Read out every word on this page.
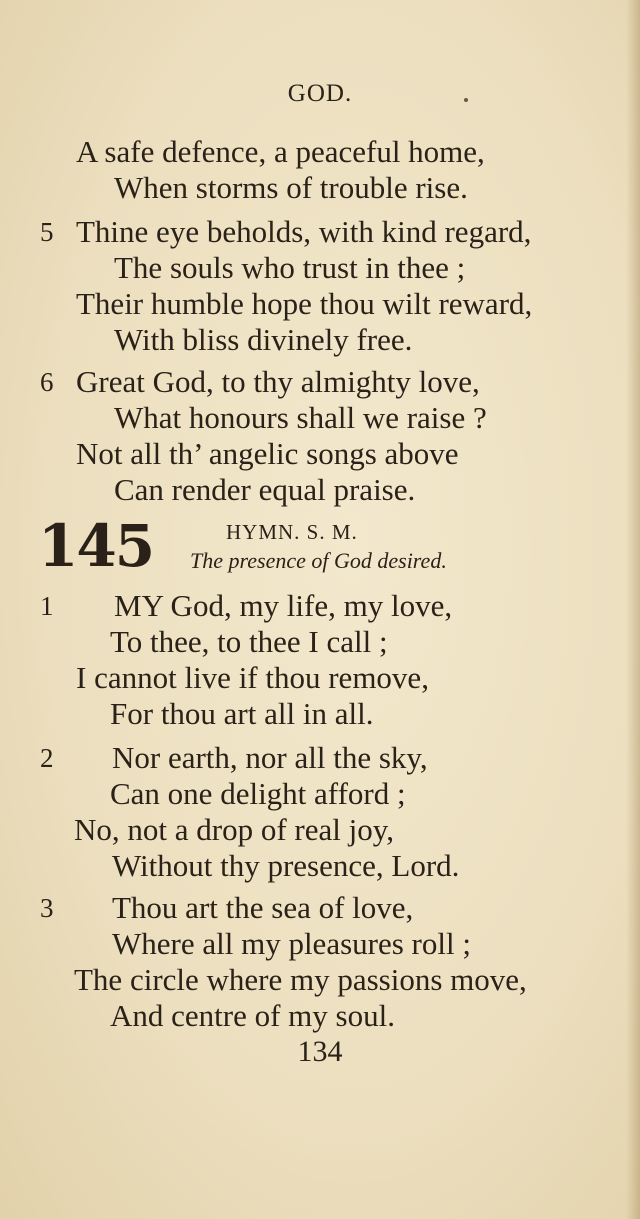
GOD.
A safe defence, a peaceful home,
When storms of trouble rise.
5 Thine eye beholds, with kind regard,
The souls who trust in thee ;
Their humble hope thou wilt reward,
With bliss divinely free.
6 Great God, to thy almighty love,
What honours shall we raise ?
Not all th’ angelic songs above
Can render equal praise.
145	HYMN. S. M.
The presence of God desired.
1 MY God, my life, my love,
To thee, to thee I call ;
I cannot live if thou remove,
For thou art all in all.
2 Nor earth, nor all the sky,
Can one delight afford ;
No, not a drop of real joy,
Without thy presence, Lord.
3 Thou art the sea of love,
Where all my pleasures roll ;
The circle where my passions move,
And centre of my soul.
134
